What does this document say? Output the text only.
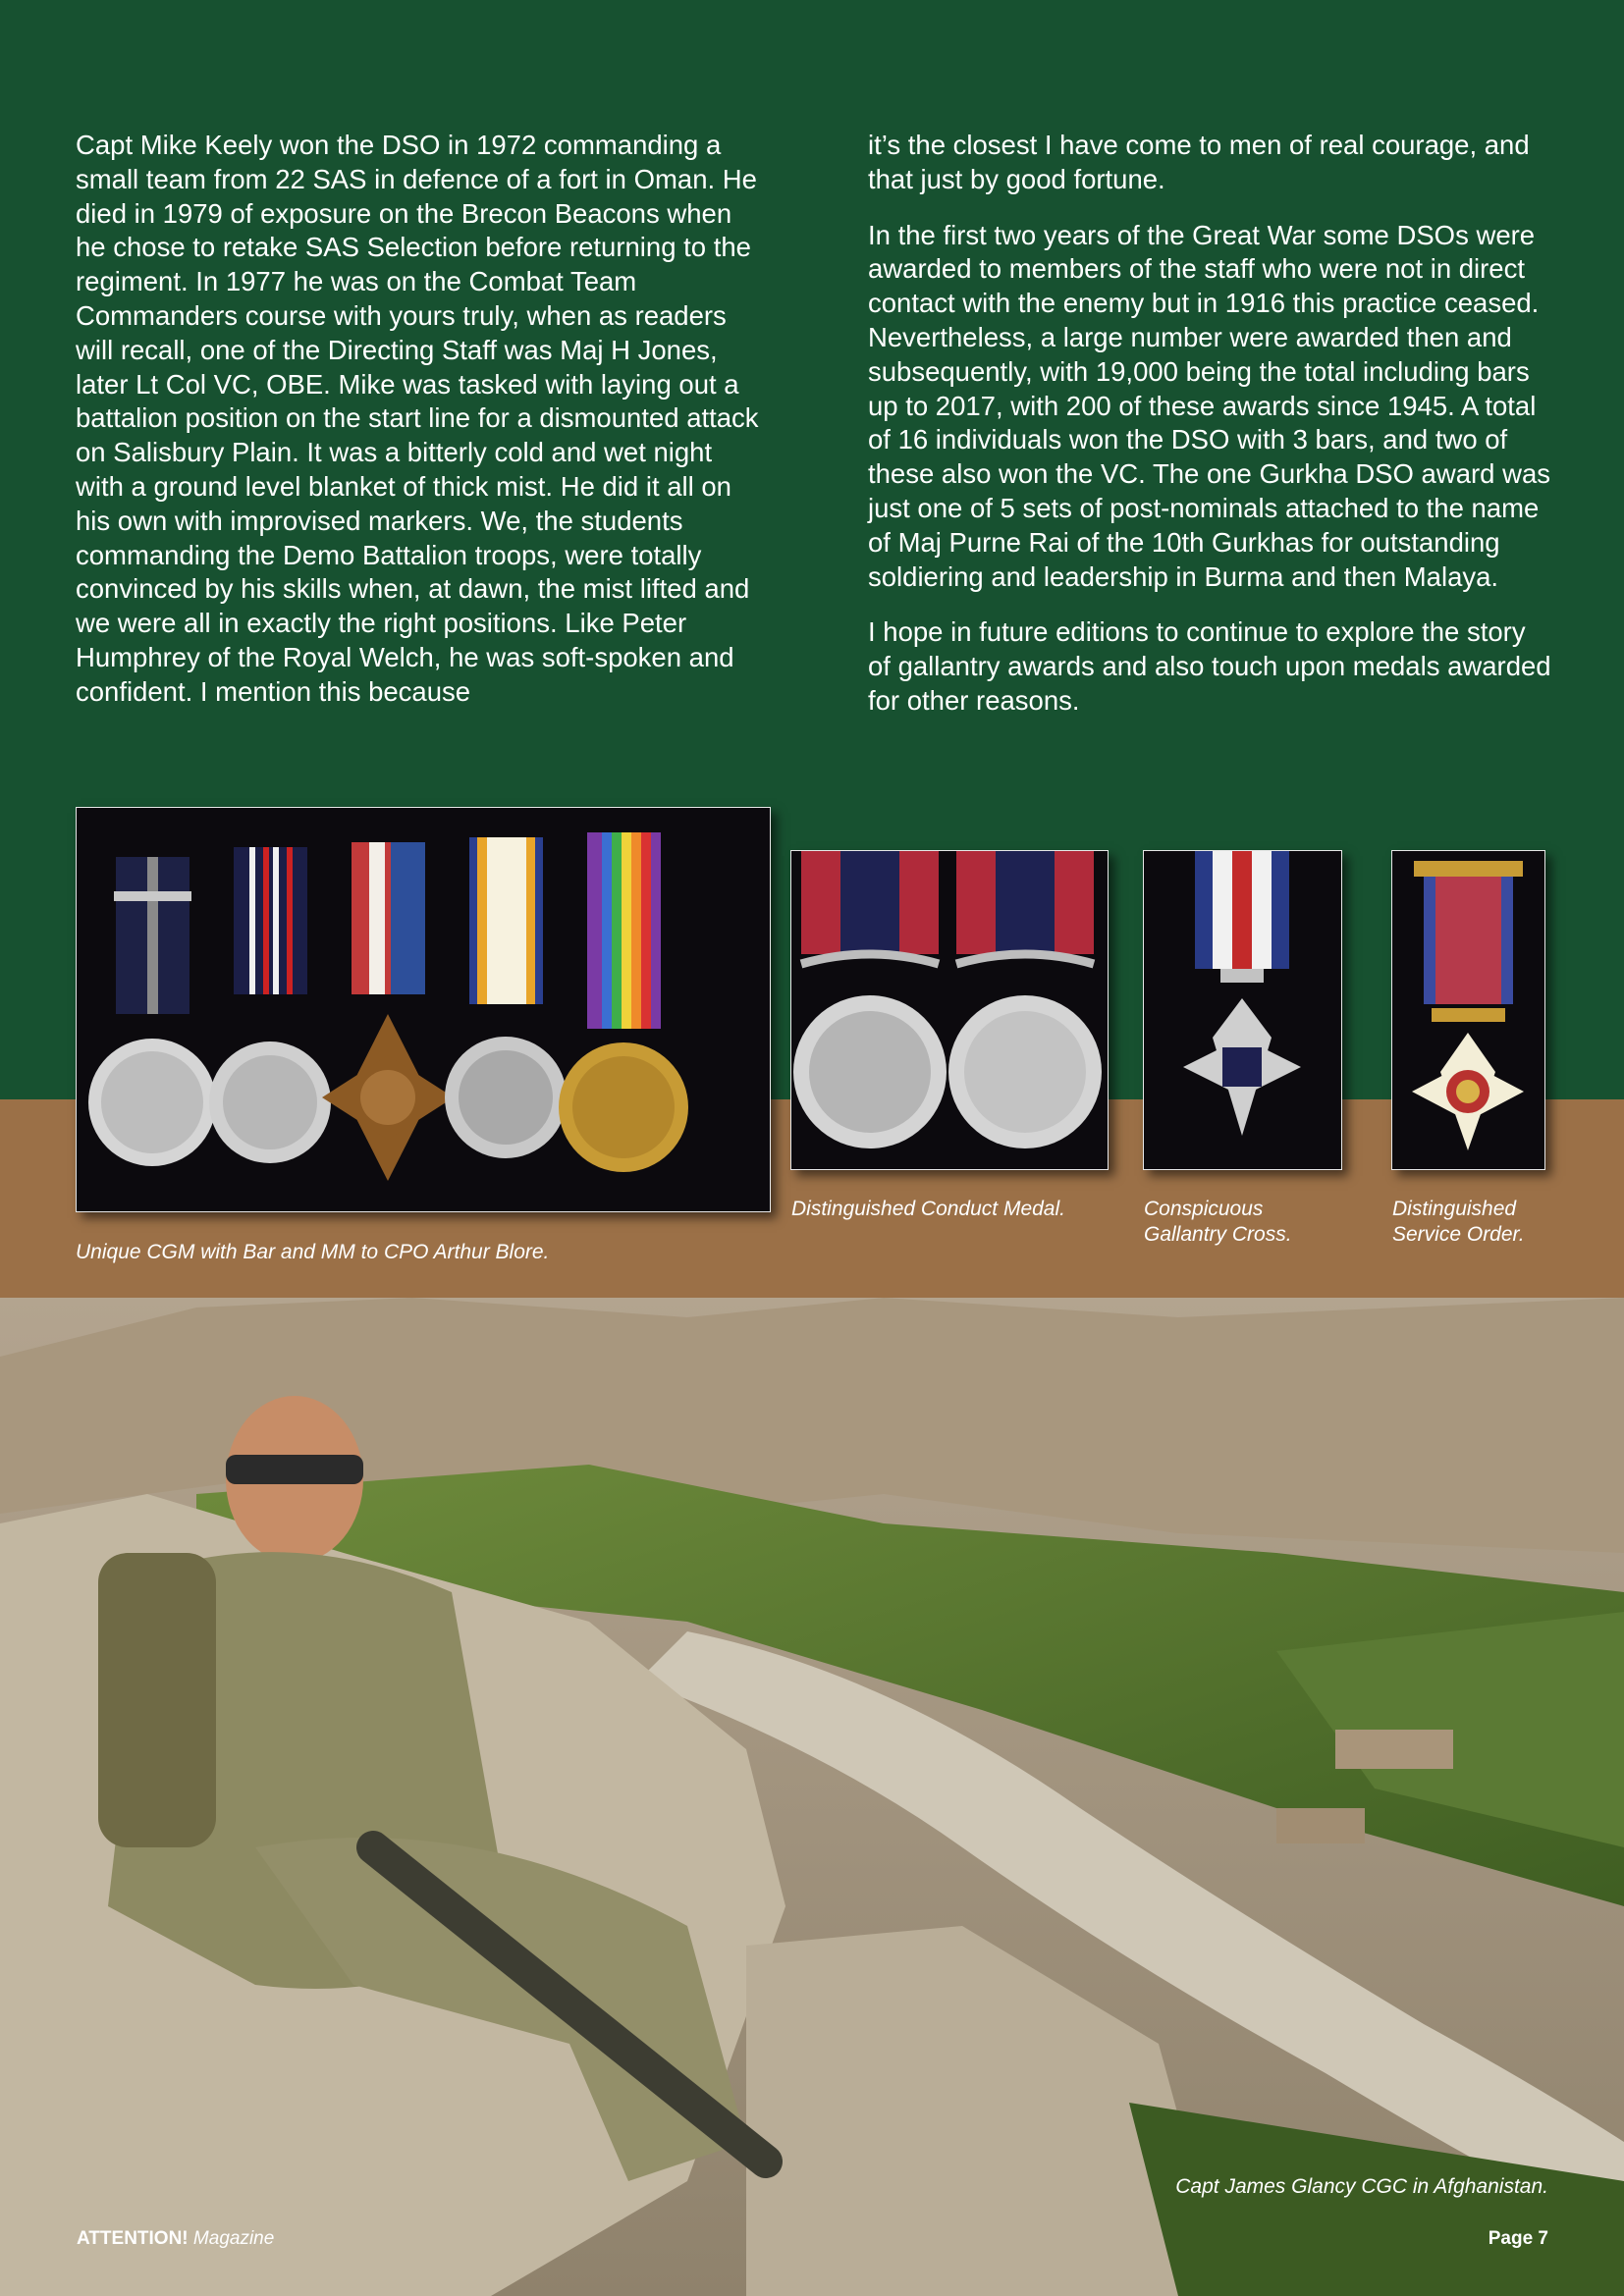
Capt Mike Keely won the DSO in 1972 commanding a small team from 22 SAS in defence of a fort in Oman. He died in 1979 of exposure on the Brecon Beacons when he chose to retake SAS Selection before returning to the regiment. In 1977 he was on the Combat Team Commanders course with yours truly, when as readers will recall, one of the Directing Staff was Maj H Jones, later Lt Col VC, OBE. Mike was tasked with laying out a battalion position on the start line for a dismounted attack on Salisbury Plain. It was a bitterly cold and wet night with a ground level blanket of thick mist. He did it all on his own with improvised markers. We, the students commanding the Demo Battalion troops, were totally convinced by his skills when, at dawn, the mist lifted and we were all in exactly the right positions. Like Peter Humphrey of the Royal Welch, he was soft-spoken and confident. I mention this because

it’s the closest I have come to men of real courage, and that just by good fortune.

In the first two years of the Great War some DSOs were awarded to members of the staff who were not in direct contact with the enemy but in 1916 this practice ceased. Nevertheless, a large number were awarded then and subsequently, with 19,000 being the total including bars up to 2017, with 200 of these awards since 1945. A total of 16 individuals won the DSO with 3 bars, and two of these also won the VC. The one Gurkha DSO award was just one of 5 sets of post-nominals attached to the name of Maj Purne Rai of the 10th Gurkhas for outstanding soldiering and leadership in Burma and then Malaya.

I hope in future editions to continue to explore the story of gallantry awards and also touch upon medals awarded for other reasons.

Unique CGM with Bar and MM to CPO Arthur Blore.
Distinguished Conduct Medal.	Conspicuous Gallantry Cross.
Distinguished Service Order.
Capt James Glancy CGC in Afghanistan.
ATTENTION! Magazine	Page 7
